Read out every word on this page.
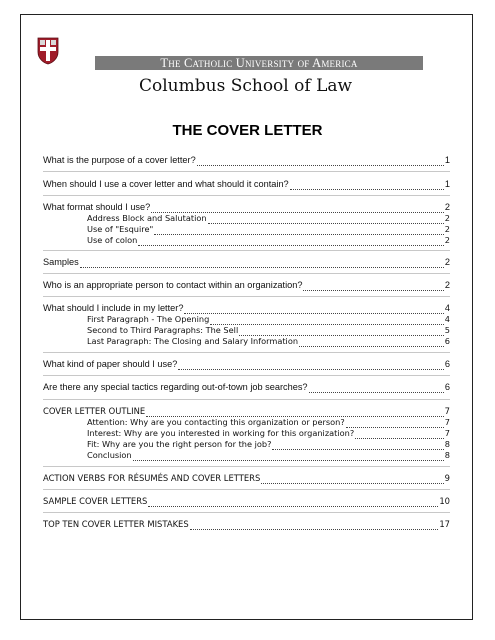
The Catholic University of America
Columbus School of Law
THE COVER LETTER
What is the purpose of a cover letter?	1
When should I use a cover letter and what should it contain?	1
What format should I use?	2
Address Block and Salutation	2
Use of "Esquire"	2
Use of colon	2
Samples	2
Who is an appropriate person to contact within an organization?	2
What should I include in my letter?	4
First Paragraph - The Opening	4
Second to Third Paragraphs: The Sell	5
Last Paragraph: The Closing and Salary Information	6
What kind of paper should I use?	6
Are there any special tactics regarding out-of-town job searches?	6
COVER LETTER OUTLINE	7
Attention: Why are you contacting this organization or person?	7
Interest: Why are you interested in working for this organization?	7
Fit: Why are you the right person for the job?	8
Conclusion	8
ACTION VERBS FOR RÉSUMÉS AND COVER LETTERS	9
SAMPLE COVER LETTERS	10
TOP TEN COVER LETTER MISTAKES	17
